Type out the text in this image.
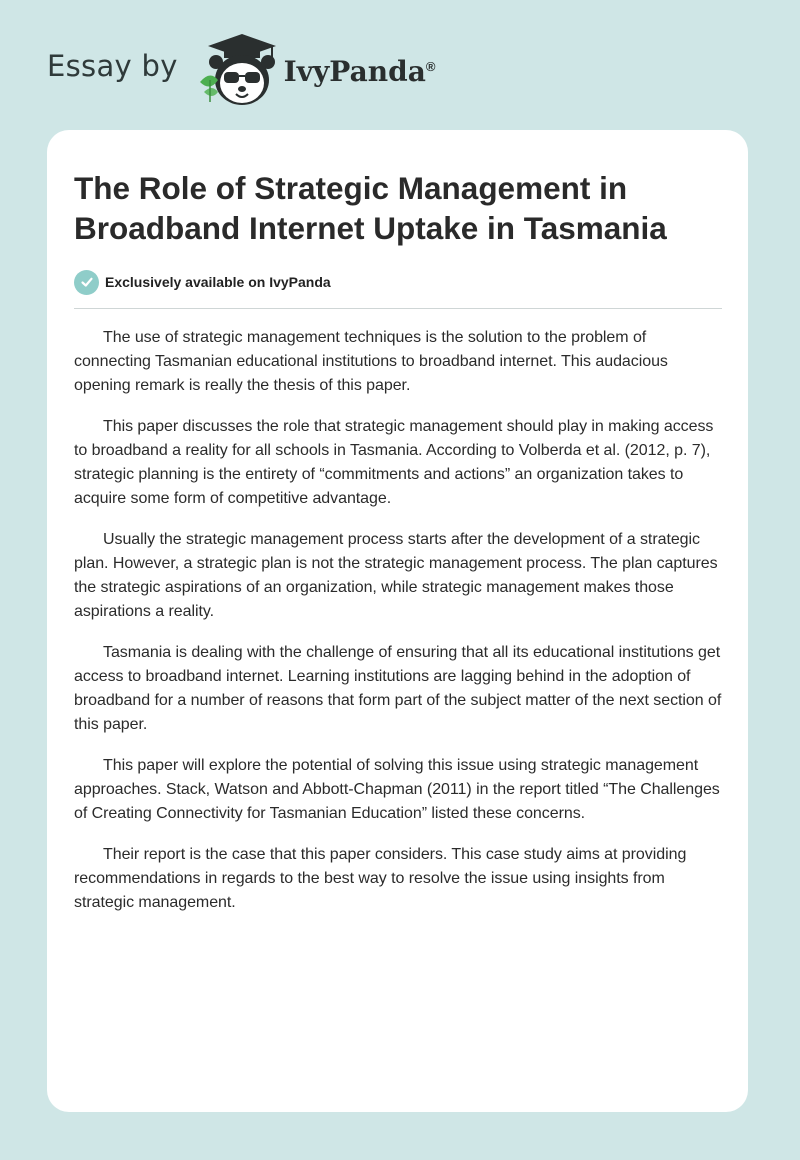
Essay by	IvyPanda®
The Role of Strategic Management in Broadband Internet Uptake in Tasmania
Exclusively available on IvyPanda

The use of strategic management techniques is the solution to the problem of connecting Tasmanian educational institutions to broadband internet. This audacious opening remark is really the thesis of this paper.

This paper discusses the role that strategic management should play in making access to broadband a reality for all schools in Tasmania. According to Volberda et al. (2012, p. 7), strategic planning is the entirety of “commitments and actions” an organization takes to acquire some form of competitive advantage.

Usually the strategic management process starts after the development of a strategic plan. However, a strategic plan is not the strategic management process. The plan captures the strategic aspirations of an organization, while strategic management makes those aspirations a reality.

Tasmania is dealing with the challenge of ensuring that all its educational institutions get access to broadband internet. Learning institutions are lagging behind in the adoption of broadband for a number of reasons that form part of the subject matter of the next section of this paper.

This paper will explore the potential of solving this issue using strategic management approaches. Stack, Watson and Abbott-Chapman (2011) in the report titled “The Challenges of Creating Connectivity for Tasmanian Education” listed these concerns.

Their report is the case that this paper considers. This case study aims at providing recommendations in regards to the best way to resolve the issue using insights from strategic management.
